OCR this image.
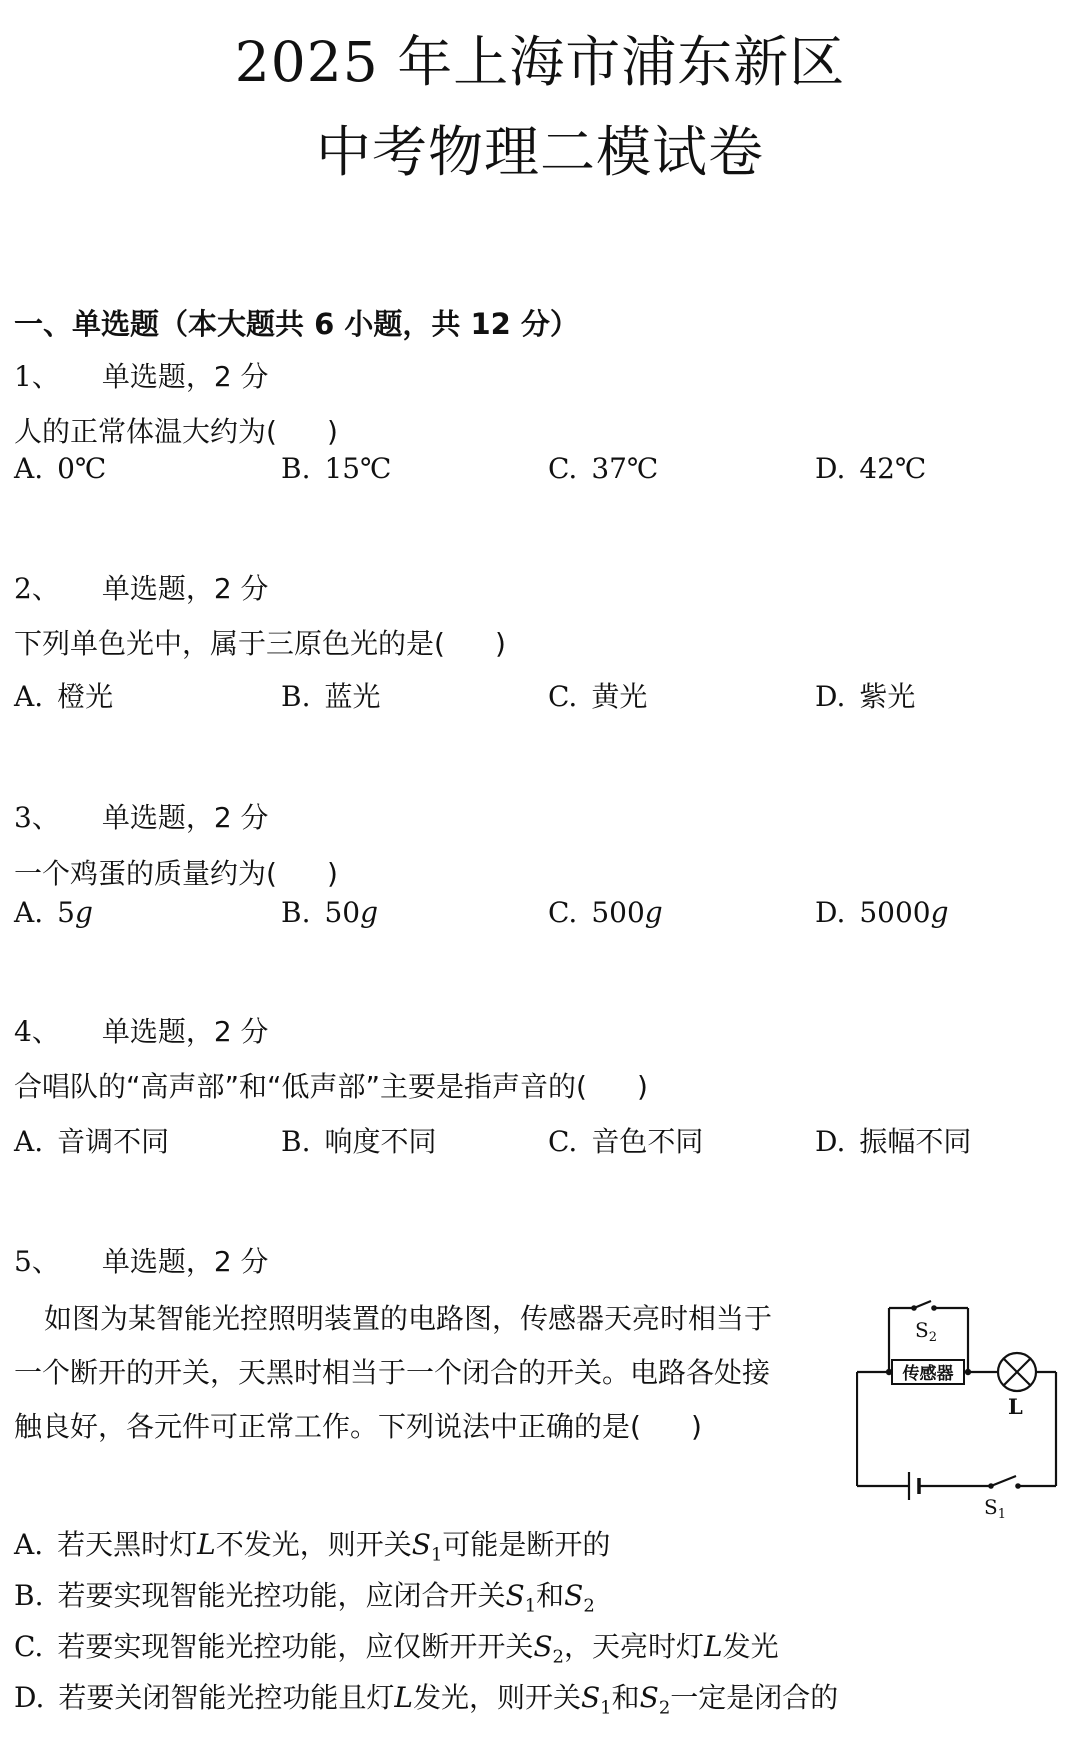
2025 年上海市浦东新区
中考物理二模试卷
一、单选题（本大题共 6 小题，共 12 分）
1、 单选题，2 分
人的正常体温大约为( )
A. 0℃	B. 15℃	C. 37℃	D. 42℃
2、 单选题，2 分
下列单色光中，属于三原色光的是( )
A. 橙光	B. 蓝光	C. 黄光	D. 紫光
3、 单选题，2 分
一个鸡蛋的质量约为( )
A. 5g	B. 50g	C. 500g	D. 5000g
4、 单选题，2 分
合唱队的“高声部”和“低声部”主要是指声音的( )
A. 音调不同	B. 响度不同	C. 音色不同	D. 振幅不同
5、 单选题，2 分
如图为某智能光控照明装置的电路图，传感器天亮时相当于
一个断开的开关，天黑时相当于一个闭合的开关。电路各处接
触良好，各元件可正常工作。下列说法中正确的是( )
传感器
L
$S_2$
$S_1$
A. 若天黑时灯L不发光，则开关$S_1$可能是断开的
B. 若要实现智能光控功能，应闭合开关$S_1$和$S_2$
C. 若要实现智能光控功能，应仅断开开关$S_2$，天亮时灯L发光
D. 若要关闭智能光控功能且灯L发光，则开关$S_1$和$S_2$一定是闭合的
